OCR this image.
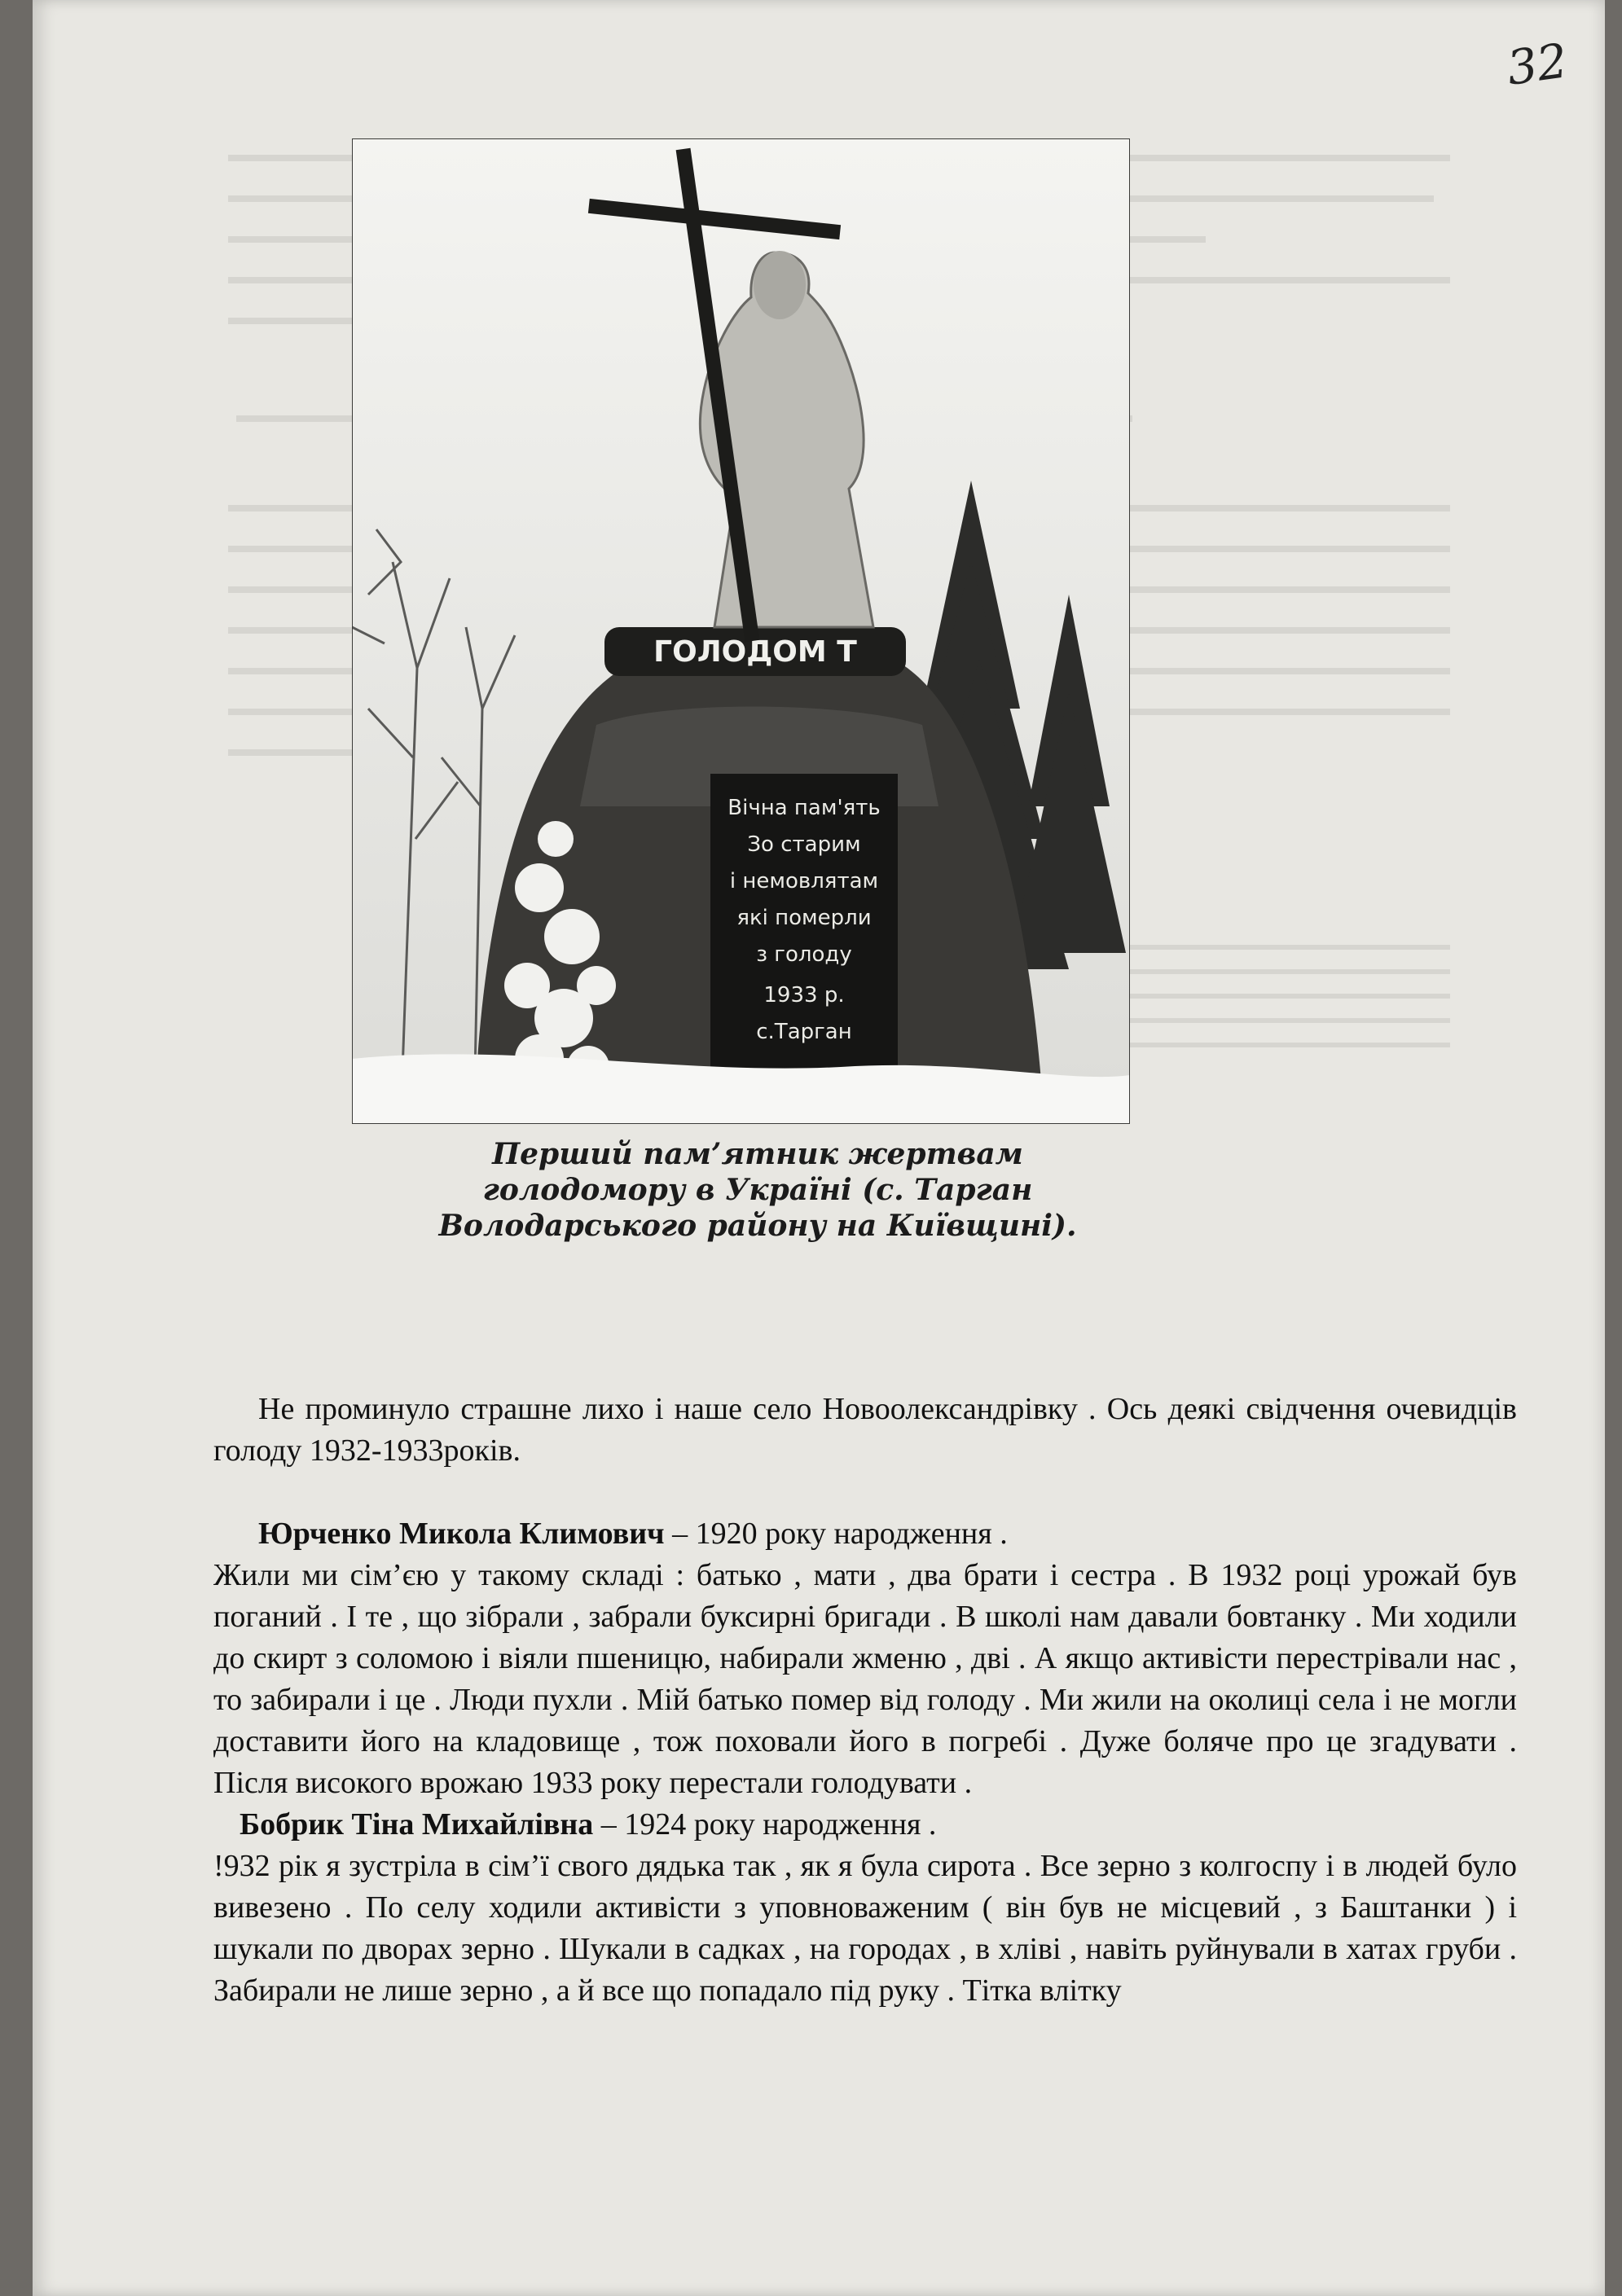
32
ГОЛОДОМ Т
Вічна пам'ять
Зо старим
і немовлятам
які померли
з голоду
1933 р.
с.Тарган
Перший пам’ятник жертвам
голодомору в Україні (с. Тарган
Володарського району на Київщині).

Не проминуло страшне лихо і наше село Новоолександрівку . Ось деякі свідчення очевидців голоду 1932-1933років.

Юрченко Микола Климович – 1920 року народження .

Жили ми сім’єю у такому складі : батько , мати , два брати і сестра . В 1932 році урожай був поганий . І те , що зібрали , забрали буксирні бригади . В школі нам давали бовтанку . Ми ходили до скирт з соломою і віяли пшеницю, набирали жменю , дві . А якщо активісти перестрівали нас , то забирали і це . Люди пухли . Мій батько помер від голоду . Ми жили на околиці села і не могли доставити його на кладовище , тож поховали його в погребі . Дуже боляче про це згадувати . Після високого врожаю 1933 року перестали голодувати .

Бобрик Тіна Михайлівна – 1924 року народження .

!932 рік я зустріла в сім’ї свого дядька так , як я була сирота . Все зерно з колгоспу і в людей було вивезено . По селу ходили активісти з уповноваженим ( він був не місцевий , з Баштанки ) і шукали по дворах зерно . Шукали в садках , на городах , в хліві , навіть руйнували в хатах груби . Забирали не лише зерно , а й все що попадало під руку . Тітка влітку
